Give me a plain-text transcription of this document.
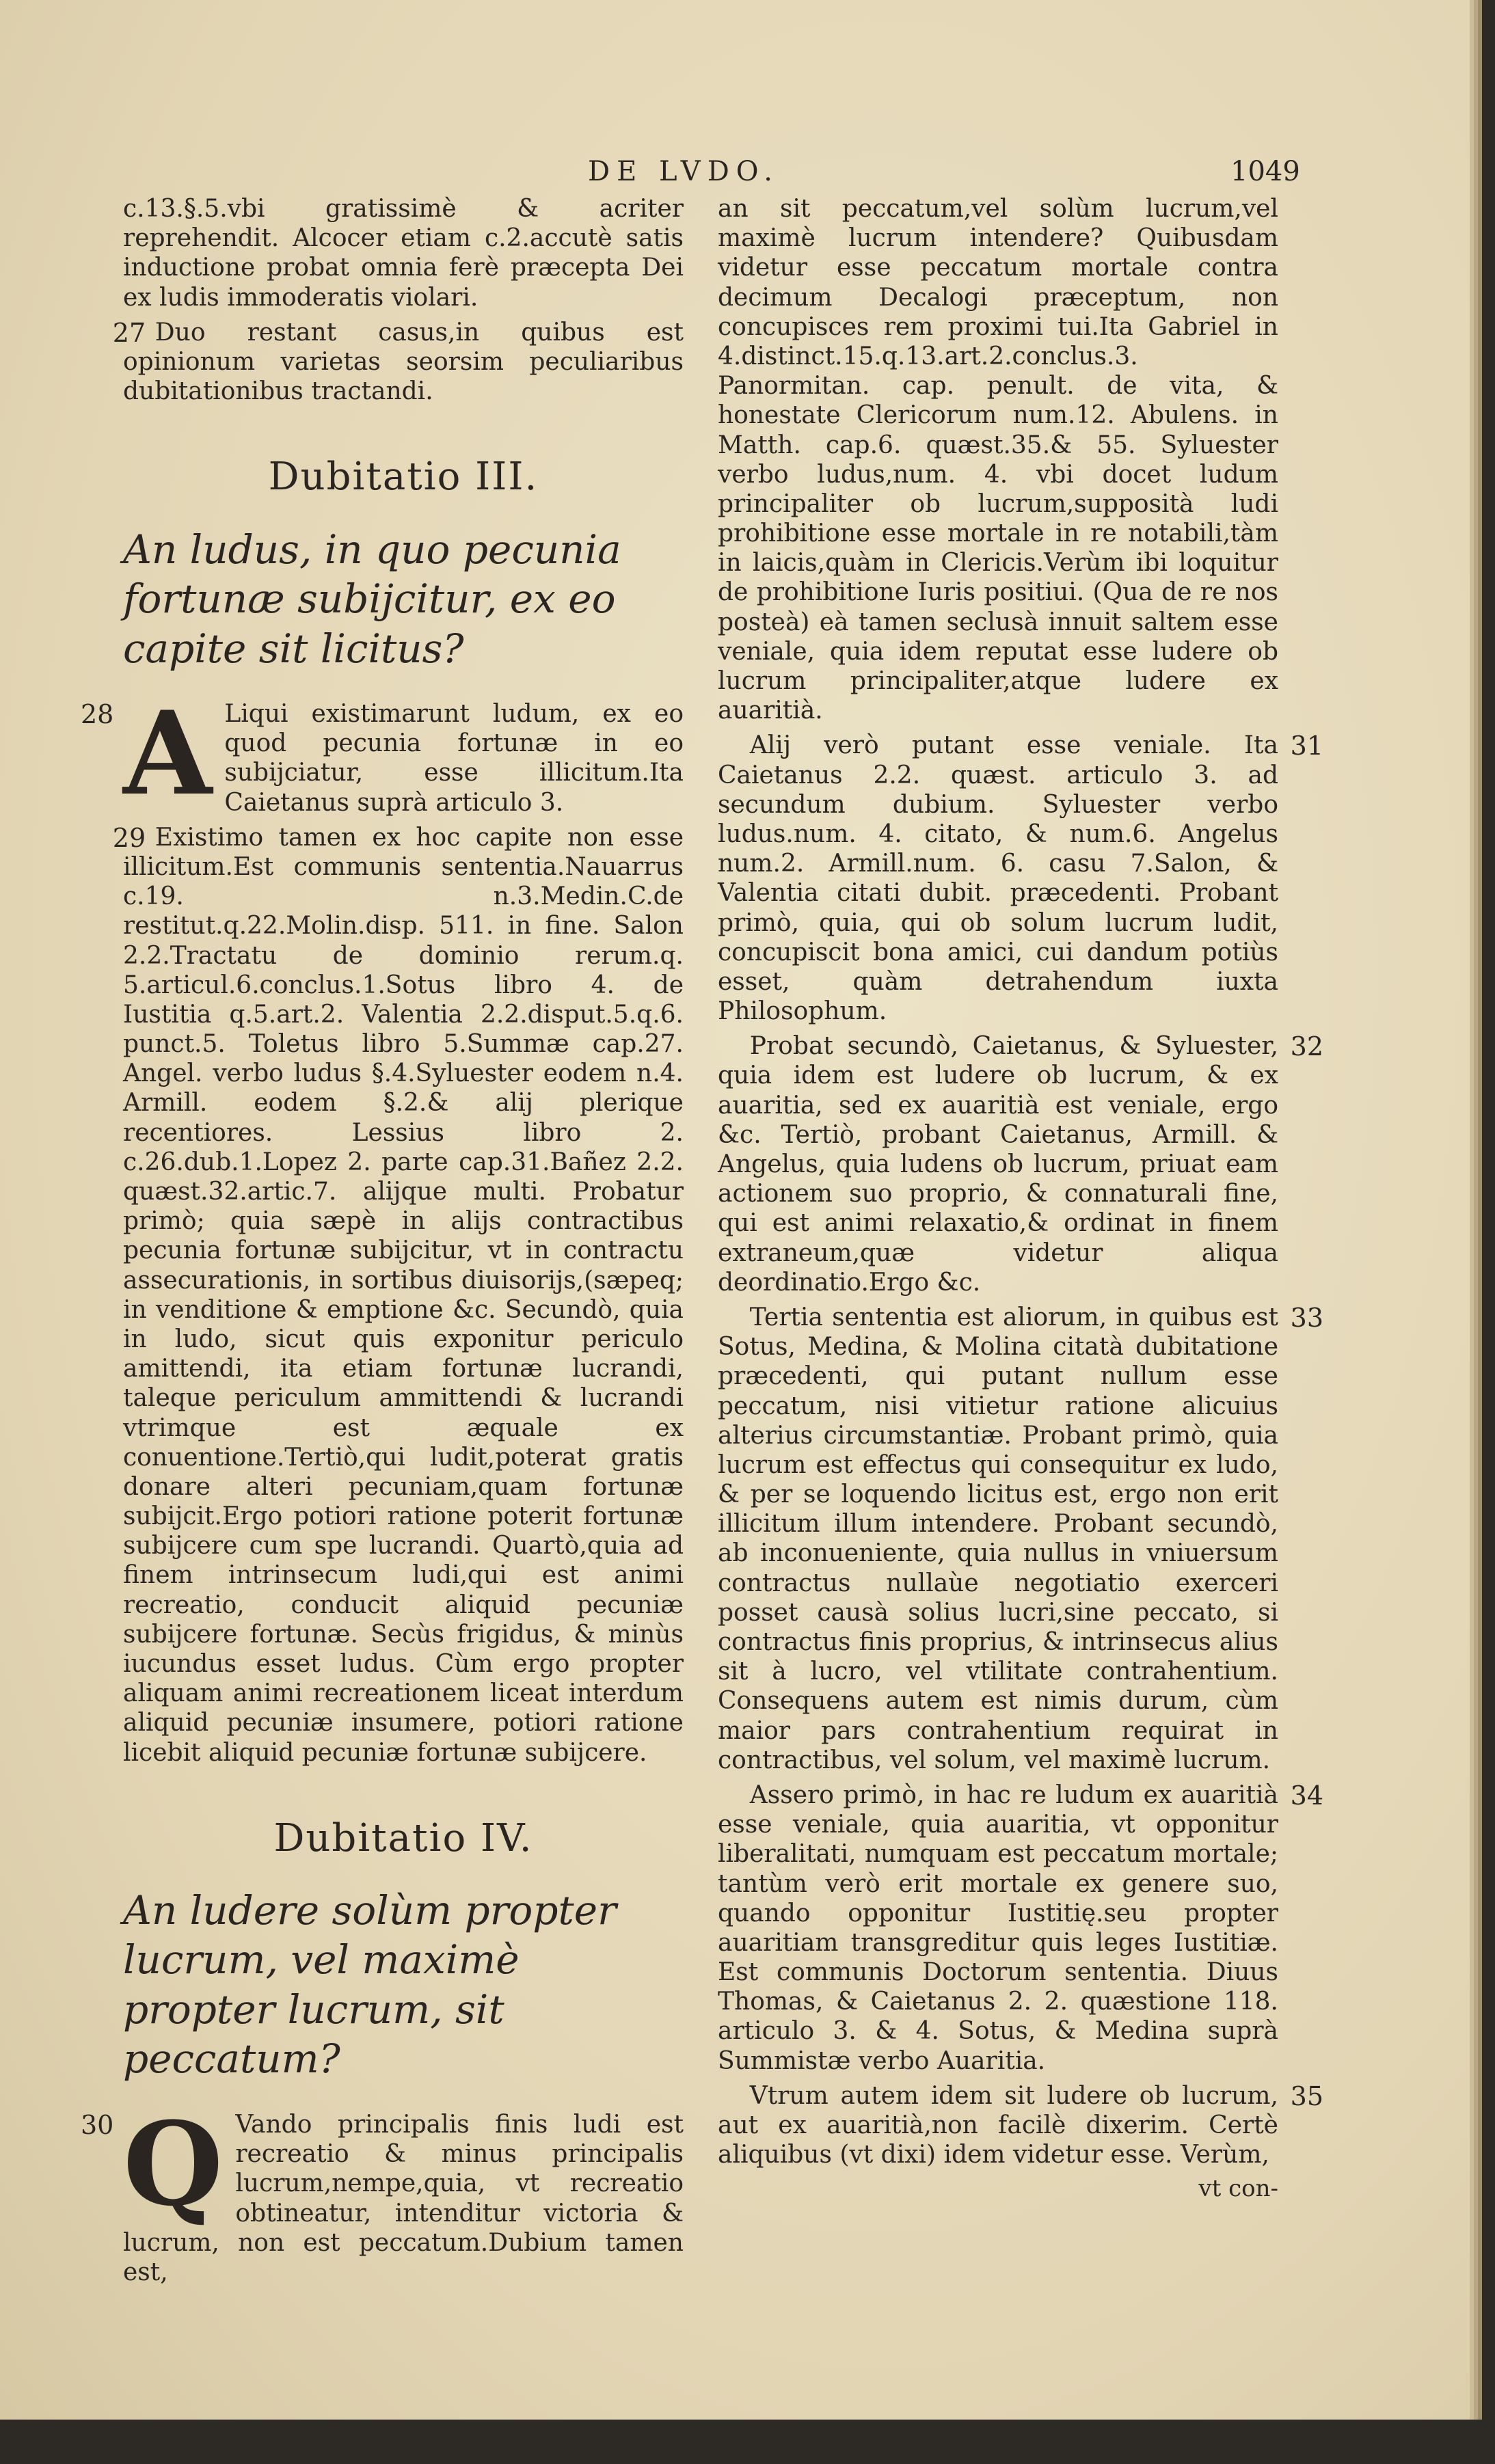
DE LVDO.	1049

c.13.§.5.vbi gratissimè & acriter reprehendit. Alcocer etiam c.2.accutè satis inductione probat omnia ferè præcepta Dei ex ludis immoderatis violari.

27 Duo restant casus,in quibus est opinionum varietas seorsim peculiaribus dubitationibus tractandi.

Dubitatio III.
An ludus, in quo pecunia fortunæ subijcitur, ex eo capite sit licitus?

28 A Liqui existimarunt ludum, ex eo quod pecunia fortunæ in eo subijciatur, esse illicitum.Ita Caietanus suprà articulo 3.

29 Existimo tamen ex hoc capite non esse illicitum.Est communis sententia.Nauarrus c.19. n.3.Medin.C.de restitut.q.22.Molin.disp. 511. in fine. Salon 2.2.Tractatu de dominio rerum.q. 5.articul.6.conclus.1.Sotus libro 4. de Iustitia q.5.art.2. Valentia 2.2.disput.5.q.6. punct.5. Toletus libro 5.Summæ cap.27. Angel. verbo ludus §.4.Syluester eodem n.4. Armill. eodem §.2.& alij plerique recentiores. Lessius libro 2. c.26.dub.1.Lopez 2. parte cap.31.Bañez 2.2. quæst.32.artic.7. alijque multi. Probatur primò; quia sæpè in alijs contractibus pecunia fortunæ subijcitur, vt in contractu assecurationis, in sortibus diuisorijs,(sæpeq; in venditione & emptione &c. Secundò, quia in ludo, sicut quis exponitur periculo amittendi, ita etiam fortunæ lucrandi, taleque periculum ammittendi & lucrandi vtrimque est æquale ex conuentione.Tertiò,qui ludit,poterat gratis donare alteri pecuniam,quam fortunæ subijcit.Ergo potiori ratione poterit fortunæ subijcere cum spe lucrandi. Quartò,quia ad finem intrinsecum ludi,qui est animi recreatio, conducit aliquid pecuniæ subijcere fortunæ. Secùs frigidus, & minùs iucundus esset ludus. Cùm ergo propter aliquam animi recreationem liceat interdum aliquid pecuniæ insumere, potiori ratione licebit aliquid pecuniæ fortunæ subijcere.

Dubitatio IV.
An ludere solùm propter lucrum, vel maximè propter lucrum, sit peccatum?

30 Q Vando principalis finis ludi est recreatio & minus principalis lucrum,nempe,quia, vt recreatio obtineatur, intenditur victoria & lucrum, non est peccatum.Dubium tamen est,

an sit peccatum,vel solùm lucrum,vel maximè lucrum intendere? Quibusdam videtur esse peccatum mortale contra decimum Decalogi præceptum, non concupisces rem proximi tui.Ita Gabriel in 4.distinct.15.q.13.art.2.conclus.3. Panormitan. cap. penult. de vita, & honestate Clericorum num.12. Abulens. in Matth. cap.6. quæst.35.& 55. Syluester verbo ludus,num. 4. vbi docet ludum principaliter ob lucrum,supposità ludi prohibitione esse mortale in re notabili,tàm in laicis,quàm in Clericis.Verùm ibi loquitur de prohibitione Iuris positiui. (Qua de re nos posteà) eà tamen seclusà innuit saltem esse veniale, quia idem reputat esse ludere ob lucrum principaliter,atque ludere ex auaritià.

31
Alij verò putant esse veniale. Ita Caietanus 2.2. quæst. articulo 3. ad secundum dubium. Syluester verbo ludus.num. 4. citato, & num.6. Angelus num.2. Armill.num. 6. casu 7.Salon, & Valentia citati dubit. præcedenti. Probant primò, quia, qui ob solum lucrum ludit, concupiscit bona amici, cui dandum potiùs esset, quàm detrahendum iuxta Philosophum.

32
Probat secundò, Caietanus, & Syluester, quia idem est ludere ob lucrum, & ex auaritia, sed ex auaritià est veniale, ergo &c. Tertiò, probant Caietanus, Armill. & Angelus, quia ludens ob lucrum, priuat eam actionem suo proprio, & connaturali fine, qui est animi relaxatio,& ordinat in finem extraneum,quæ videtur aliqua deordinatio.Ergo &c.

33
Tertia sententia est aliorum, in quibus est Sotus, Medina, & Molina citatà dubitatione præcedenti, qui putant nullum esse peccatum, nisi vitietur ratione alicuius alterius circumstantiæ. Probant primò, quia lucrum est effectus qui consequitur ex ludo, & per se loquendo licitus est, ergo non erit illicitum illum intendere. Probant secundò, ab inconueniente, quia nullus in vniuersum contractus nullaùe negotiatio exerceri posset causà solius lucri,sine peccato, si contractus finis proprius, & intrinsecus alius sit à lucro, vel vtilitate contrahentium. Consequens autem est nimis durum, cùm maior pars contrahentium requirat in contractibus, vel solum, vel maximè lucrum.

34
Assero primò, in hac re ludum ex auaritià esse veniale, quia auaritia, vt opponitur liberalitati, numquam est peccatum mortale; tantùm verò erit mortale ex genere suo, quando opponitur Iustitię.seu propter auaritiam transgreditur quis leges Iustitiæ. Est communis Doctorum sententia. Diuus Thomas, & Caietanus 2. 2. quæstione 118. articulo 3. & 4. Sotus, & Medina suprà Summistæ verbo Auaritia.

35
Vtrum autem idem sit ludere ob lucrum, aut ex auaritià,non facilè dixerim. Certè aliquibus (vt dixi) idem videtur esse. Verùm,

vt con-
